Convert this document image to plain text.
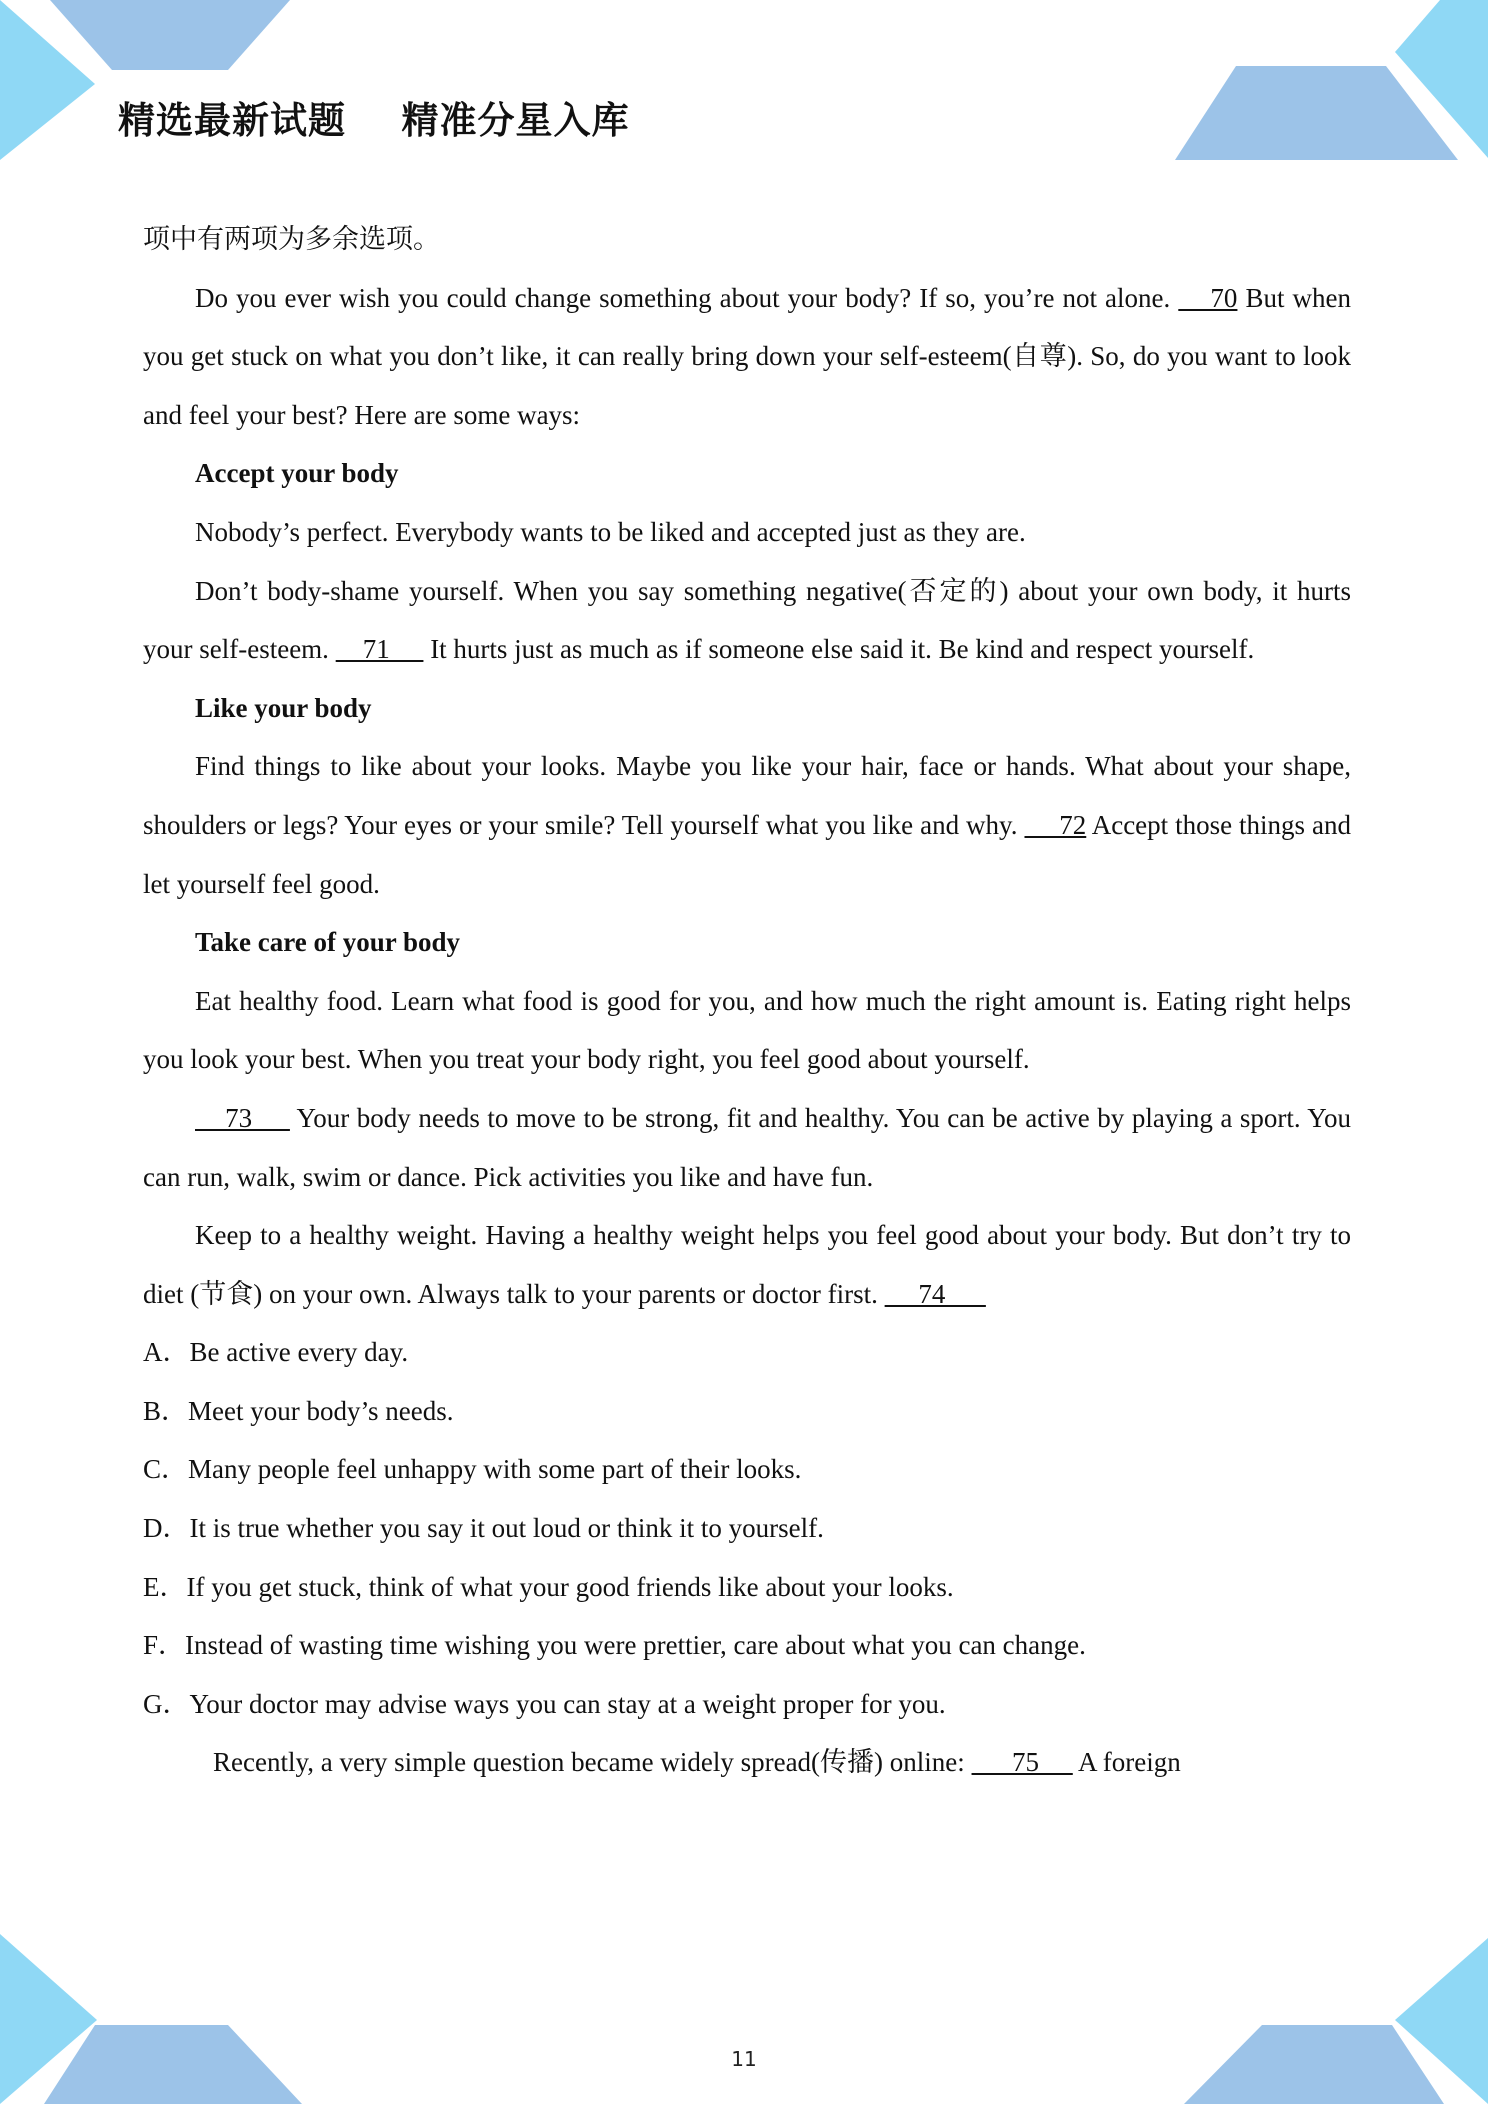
精选最新试题    精准分星入库

项中有两项为多余选项。

Do you ever wish you could change something about your body? If so, you’re not alone.     70 But when you get stuck on what you don’t like, it can really bring down your self-esteem(自尊). So, do you want to look and feel your best? Here are some ways:

Accept your body

Nobody’s perfect. Everybody wants to be liked and accepted just as they are.

Don’t body-shame yourself. When you say something negative(否定的) about your own body, it hurts your self-esteem.     71      It hurts just as much as if someone else said it. Be kind and respect yourself.

Like your body

Find things to like about your looks. Maybe you like your hair, face or hands. What about your shape, shoulders or legs? Your eyes or your smile? Tell yourself what you like and why.      72 Accept those things and let yourself feel good.

Take care of your body

Eat healthy food. Learn what food is good for you, and how much the right amount is. Eating right helps you look your best. When you treat your body right, you feel good about yourself.

73      Your body needs to move to be strong, fit and healthy. You can be active by playing a sport. You can run, walk, swim or dance. Pick activities you like and have fun.

Keep to a healthy weight. Having a healthy weight helps you feel good about your body. But don’t try to diet (节食) on your own. Always talk to your parents or doctor first.      74

A．Be active every day.

B．Meet your body’s needs.

C．Many people feel unhappy with some part of their looks.

D．It is true whether you say it out loud or think it to yourself.

E．If you get stuck, think of what your good friends like about your looks.

F．Instead of wasting time wishing you were prettier, care about what you can change.

G．Your doctor may advise ways you can stay at a weight proper for you.

Recently, a very simple question became widely spread(传播) online:       75      A foreign

11
